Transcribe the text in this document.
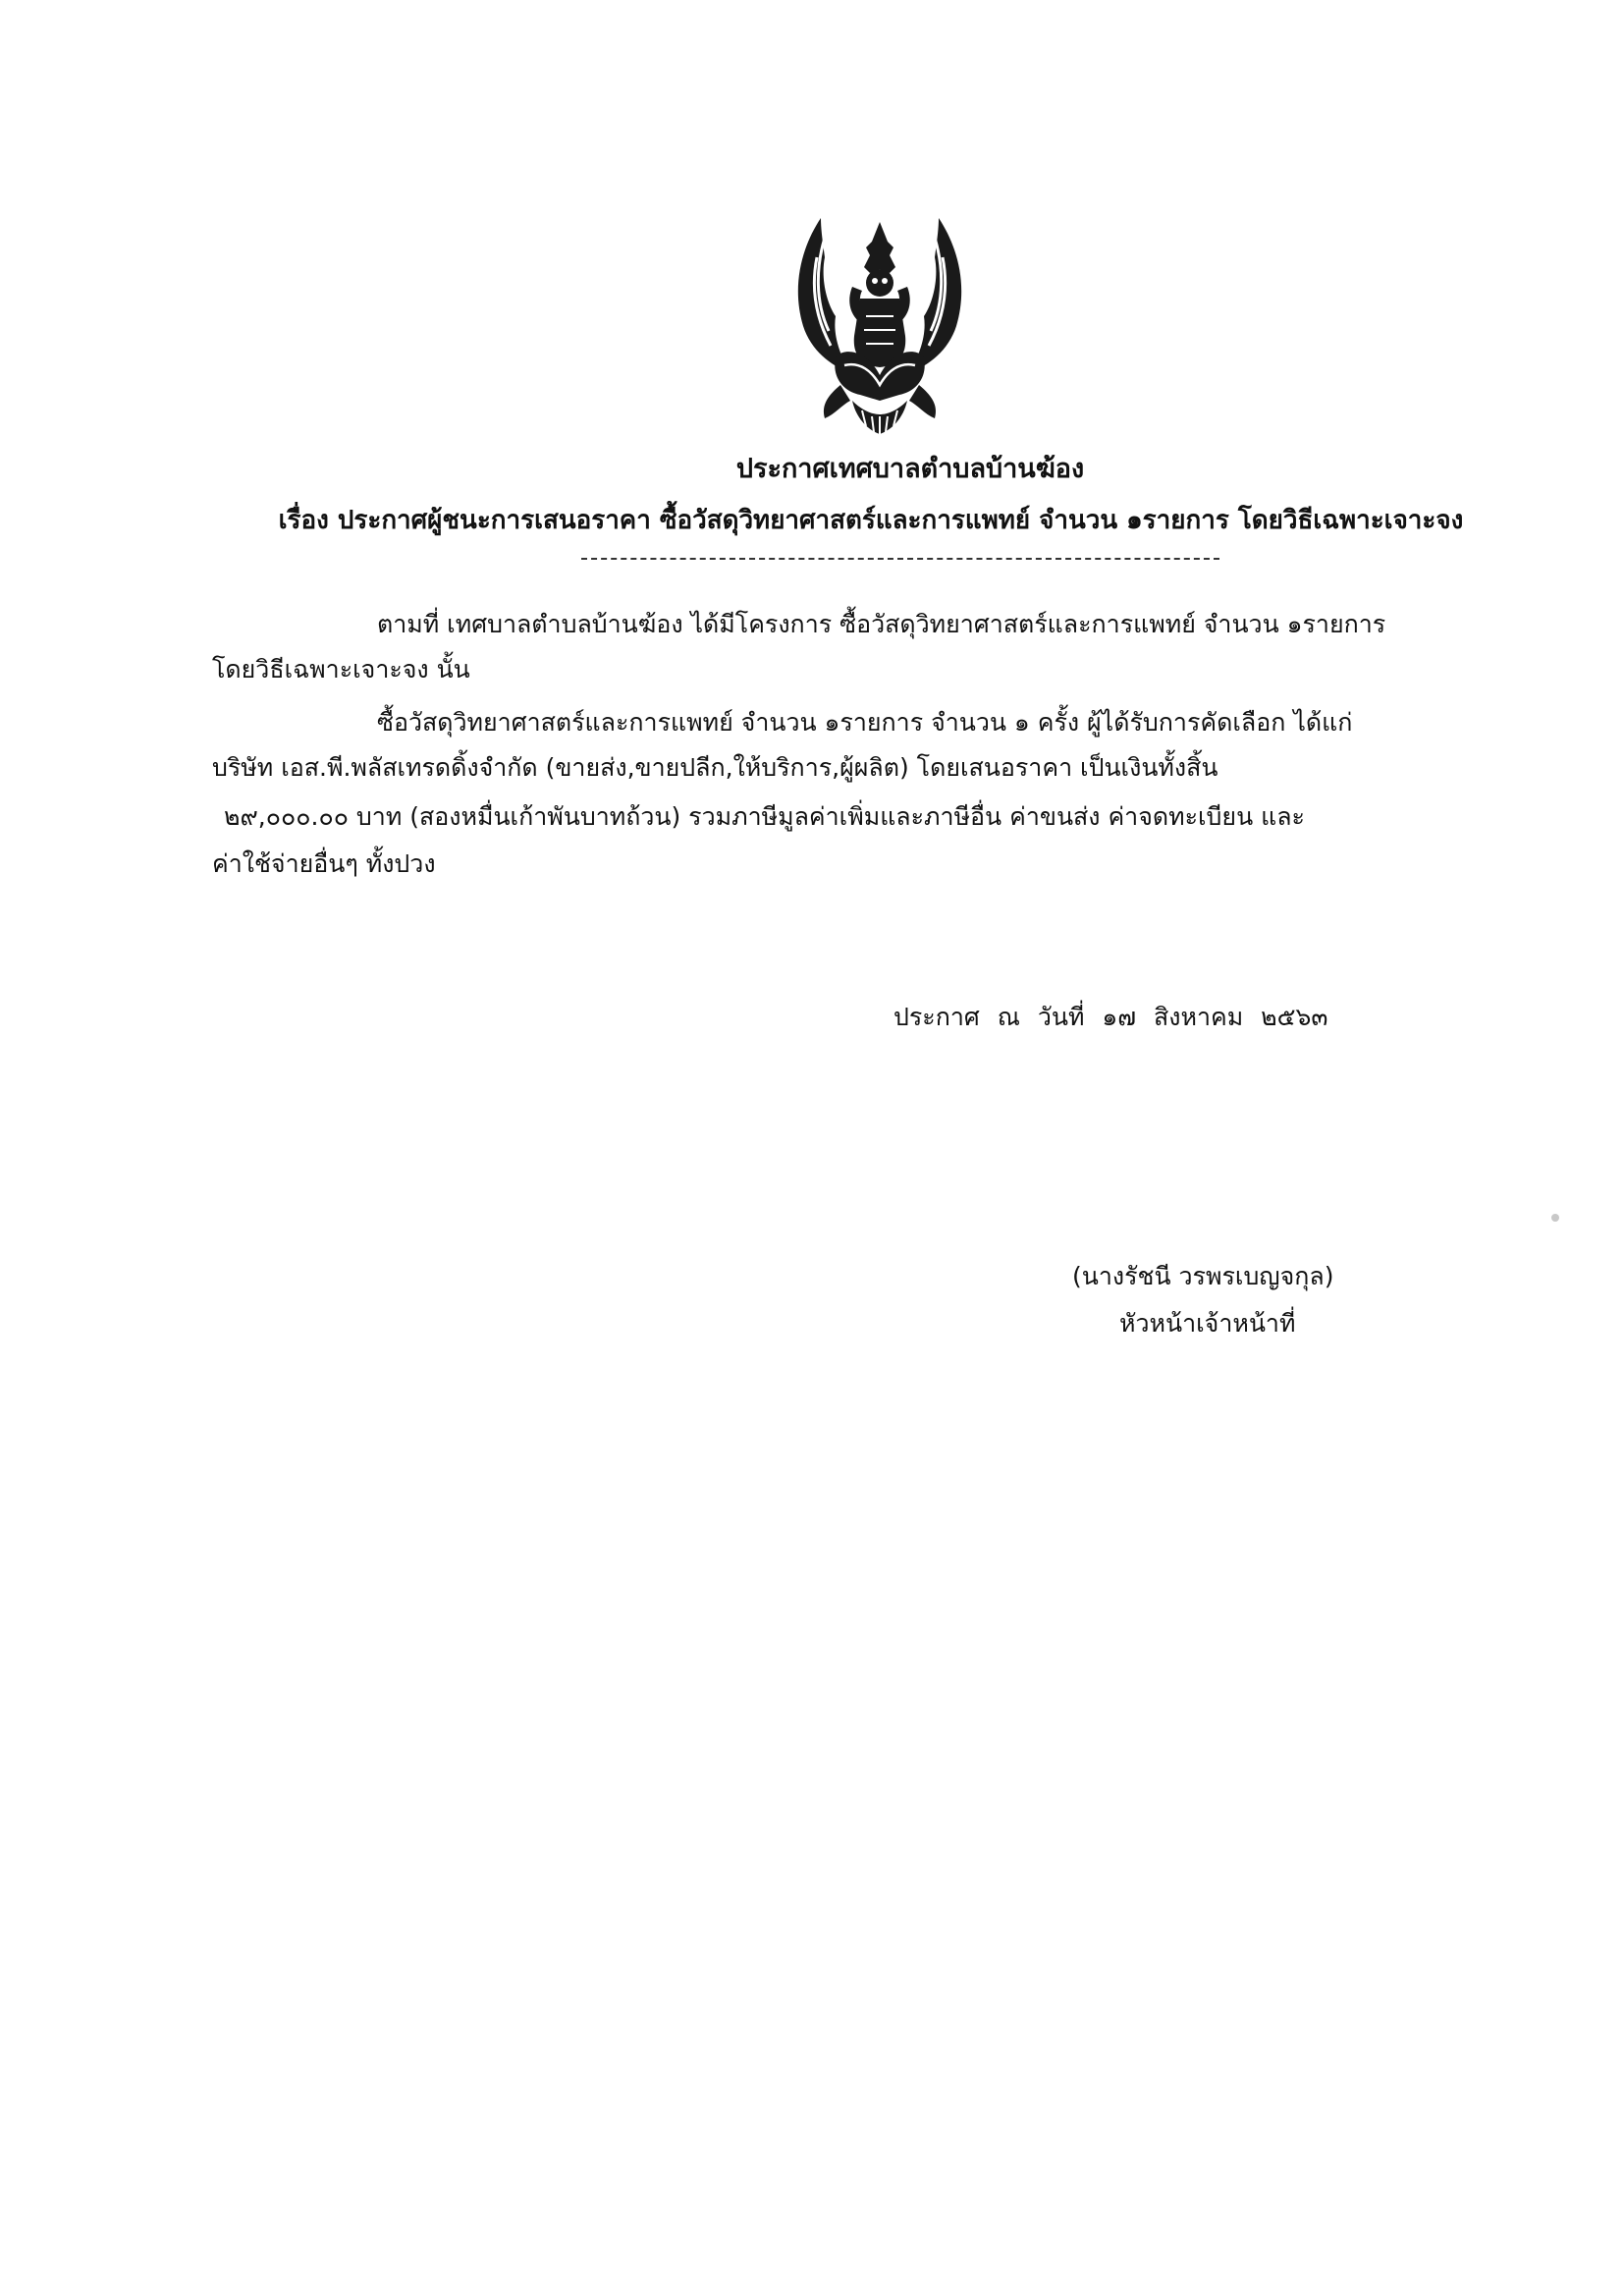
ประกาศเทศบาลตำบลบ้านฆ้อง
เรื่อง ประกาศผู้ชนะการเสนอราคา ซื้อวัสดุวิทยาศาสตร์และการแพทย์ จำนวน ๑รายการ โดยวิธีเฉพาะเจาะจง
ตามที่ เทศบาลตำบลบ้านฆ้อง ได้มีโครงการ ซื้อวัสดุวิทยาศาสตร์และการแพทย์ จำนวน ๑รายการ
โดยวิธีเฉพาะเจาะจง นั้น
ซื้อวัสดุวิทยาศาสตร์และการแพทย์ จำนวน ๑รายการ จำนวน ๑ ครั้ง ผู้ได้รับการคัดเลือก ได้แก่
บริษัท เอส.พี.พลัสเทรดดิ้งจำกัด (ขายส่ง,ขายปลีก,ให้บริการ,ผู้ผลิต) โดยเสนอราคา เป็นเงินทั้งสิ้น
๒๙,๐๐๐.๐๐ บาท (สองหมื่นเก้าพันบาทถ้วน) รวมภาษีมูลค่าเพิ่มและภาษีอื่น ค่าขนส่ง ค่าจดทะเบียน และ
ค่าใช้จ่ายอื่นๆ ทั้งปวง
ประกาศ ณ วันที่ ๑๗ สิงหาคม ๒๕๖๓
(นางรัชนี วรพรเบญจกุล)
หัวหน้าเจ้าหน้าที่
